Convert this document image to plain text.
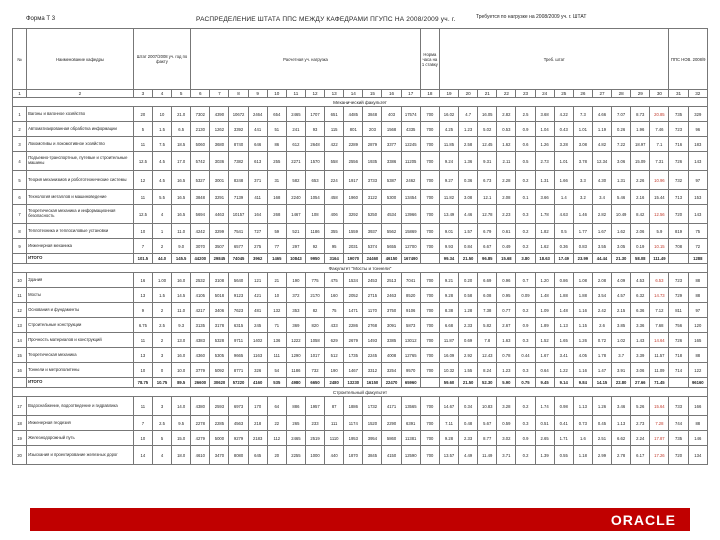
Форма Т 3	РАСПРЕДЕЛЕНИЕ ШТАТА ППС МЕЖДУ КАФЕДРАМИ ПГУПС НА 2008/2009 уч. г.	Требуется по нагрузке на 2008/2009 уч. г. ШТАТ
№	Наименование кафедры	Штат 2007/2008 уч. год по факту			Расчетная уч. нагрузка												Норма часа на 1 ставку	Треб. штат												ППС НОВ. 2008/9	
1	2	3	4	5	6	7	8	9	10	11	12	13	14	15	16	17	18	19	20	21	22	23	24	25	26	27	28	29	30	31	32
Механический факультет																															
1	Вагоны и вагонное хозяйство	20	10	21.0	7302	4390	10672	2464	654	2465	1707	651	4485	3848	403	17574	700	16.02	4.7	16.05	2.82	2.5	3.68	4.22	7.3	4.66	7.07	8.73	20.85	735	329
2	Автоматизированная обработка информации	5	1.5	6.5	2130	1262	3392	441	51	241	93	115	801	203	1568	4335	700	4.25	1.23	5.02	0.53	0.9	1.04	0.43	1.01	1.19	0.26	1.96	7.46	723	96
3	Локомотивы и локомотивное хозяйство	11	7.5	18.5	5060	3680	8740	646	86	612	2648	422	2289	2879	3377	12245	700	11.85	2.58	12.45	1.62	0.6	1.26	3.28	3.08	4.82	7.22	18.97	7.1	716	183
4	Подъемно-транспортные, путевые и строительные машины	12.5	4.5	17.0	5742	3036	7382	613	255	2271	1570	558	2556	1935	3386	11205	700	9.24	1.36	9.31	2.11	0.5	2.73	1.01	3.78	12.34	3.06	15.09	7.31	726	143
5	Теория механизмов и робототехнические системы	12	4.5	16.5	5327	3001	8248	371	31	582	653	224	1917	3733	5387	2462	700	9.27	0.36	6.73	2.28	0.2	1.31	1.66	3.3	4.30	1.31	2.26	10.96	732	97
6	Технология металлов и машиноведение	11	5.5	16.5	3848	3291	7139	411	168	2240	1054	458	1960	3122	5300	13454	700	11.82	3.08	12.1	2.08	0.1	3.66	1.4	3.2	3.4	5.46	2.16	15.44	713	153
7	Теоретическая механика и информационная безопасность	12.5	4	16.5	5694	4463	10157	164	268	1467	108	406	3292	5250	4534	13966	700	13.49	4.46	12.78	2.23	0.3	1.78	4.63	1.46	2.82	10.49	8.42	12.56	720	143
8	Теплотехника и теплосиловые установки	10	1	11.0	4242	3299	7541	727	59	521	1186	355	1559	3937	5562	15869	700	9.01	1.57	6.79	0.61	0.2	1.82	0.5	1.77	1.67	1.62	2.06	5.9	819	75
9	Инженерная механика	7	2	9.0	3070	3507	6577	275	77	297	92	95	2031	5374	5655	12700	700	9.93	0.84	6.67	0.49	0.2	1.62	0.36	0.83	3.55	3.05	0.19	10.15	708	72
	ИТОГО	101.5	44.0	145.5	44200	29845	74045	3962	1465	10843	9950	3164	19070	24460	46150	167490		99.34	21.50	96.85	15.68	3.80	18.63	17.49	23.99	44.44	21.30	58.08	111.49		1288
Факультет "Мосты и тоннели"																															
10	Здания	16	1.00	16.0	2532	3108	5640	121	21	190	775	475	1534	2453	2513	7041	700	9.21	0.20	6.69	0.96	0.7	1.20	0.86	1.08	2.08	4.09	4.53	6.53	723	88
11	Мосты	13	1.5	14.5	4105	5018	9123	421	10	372	2170	160	2052	2715	2463	8520	700	9.28	0.58	6.08	0.95	0.09	1.48	1.88	1.88	3.54	4.57	6.32	14.73	729	88
12	Основания и фундаменты	9	2	11.0	4217	3406	7623	481	132	353	82	75	1471	1170	3750	9106	700	8.38	1.28	7.38	0.77	0.2	1.09	1.48	1.16	2.42	2.15	6.36	7.12	811	97
13	Строительные конструкции	6.75	2.5	9.3	3135	3178	6315	245	71	369	820	433	2286	2768	3091	5873	700	6.68	2.33	5.82	2.67	0.9	1.89	1.13	1.15	2.6	3.85	3.36	7.68	756	120
14	Прочность материалов и конструкций	11	2	13.0	4383	5328	9711	1402	136	1222	1058	629	2679	1493	3385	13012	700	11.87	0.69	7.8	1.63	0.3	1.52	1.65	1.26	0.72	1.02	1.43	14.64	726	165
15	Теоретическая механика	13	3	16.0	4360	5305	9665	1163	111	1290	1017	512	1735	2245	4008	12765	700	16.09	2.92	12.43	0.78	0.44	1.67	3.41	4.05	1.78	3.7	3.39	11.57	718	88
16	Тоннели и метрополитены	10	0	10.0	3779	5092	8771	326	54	1186	732	190	1467	3312	3254	9570	700	10.32	1.55	8.24	1.23	0.3	0.64	1.22	1.16	1.47	3.91	3.06	11.09	714	122
	ИТОГО	78.75	10.75	89.5	26600	30620	57220	4160	535	4980	6650	2480	13230	16150	22470	65960		59.60	21.50	52.30	5.90	0.75	9.45	9.14	9.84	14.15	22.80	27.66	71.45		96160
Строительный факультет																															
17	Водоснабжение, водоотведение и гидравлика	11	3	14.0	4380	2593	6973	170	64	886	1957	87	1886	1732	4171	13565	700	14.67	0.34	10.83	3.28	0.2	1.74	0.98	1.13	1.26	3.46	5.26	15.64	733	166
18	Инженерная геодезия	7	2.5	9.5	2278	2285	4563	218	22	265	233	111	1174	1520	2290	6391	700	7.11	0.48	5.67	0.59	0.3	0.51	0.41	0.73	0.45	1.13	2.73	7.28	744	88
19	Железнодорожный путь	10	5	15.0	4279	5000	9279	2183	112	2465	2519	1110	1953	3954	5860	11381	700	9.28	2.33	8.77	3.02	0.9	2.65	1.71	1.6	2.51	6.62	2.24	17.87	735	146
20	Изыскания и проектирование железных дорог	14	4	18.0	4610	3470	8080	645	20	2255	1000	440	1870	3845	4150	12590	700	13.57	4.49	11.49	3.71	0.2	1.39	0.55	1.18	2.99	2.78	6.17	17.26	720	134
ORACLE
